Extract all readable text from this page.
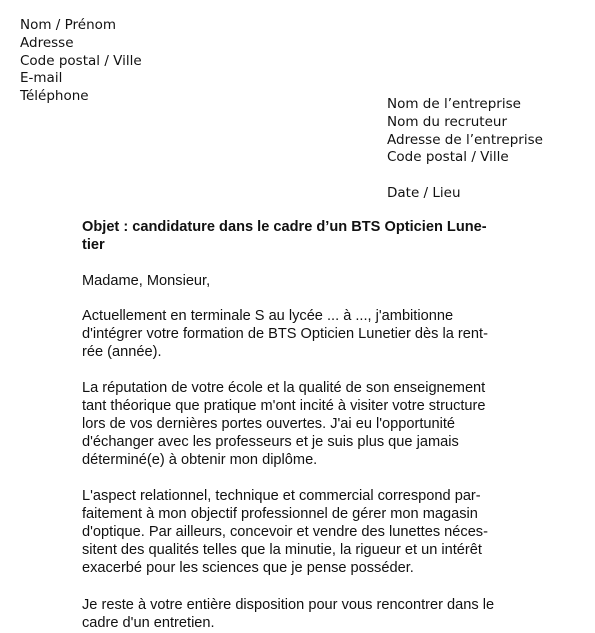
Nom / Prénom
Adresse
Code postal / Ville
E-mail
Téléphone	Nom de l’entreprise
Nom du recruteur
Adresse de l’entreprise
Code postal / Ville
Date / Lieu
Objet : candidature dans le cadre d’un BTS Opticien Lune-
tier
Madame, Monsieur,
Actuellement en terminale S au lycée ... à ..., j'ambitionne
d'intégrer votre formation de BTS Opticien Lunetier dès la rent-
rée (année).
La réputation de votre école et la qualité de son enseignement
tant théorique que pratique m'ont incité à visiter votre structure
lors de vos dernières portes ouvertes. J'ai eu l'opportunité
d'échanger avec les professeurs et je suis plus que jamais
déterminé(e) à obtenir mon diplôme.
L'aspect relationnel, technique et commercial correspond par-
faitement à mon objectif professionnel de gérer mon magasin
d'optique. Par ailleurs, concevoir et vendre des lunettes néces-
sitent des qualités telles que la minutie, la rigueur et un intérêt
exacerbé pour les sciences que je pense posséder.
Je reste à votre entière disposition pour vous rencontrer dans le
cadre d'un entretien.
